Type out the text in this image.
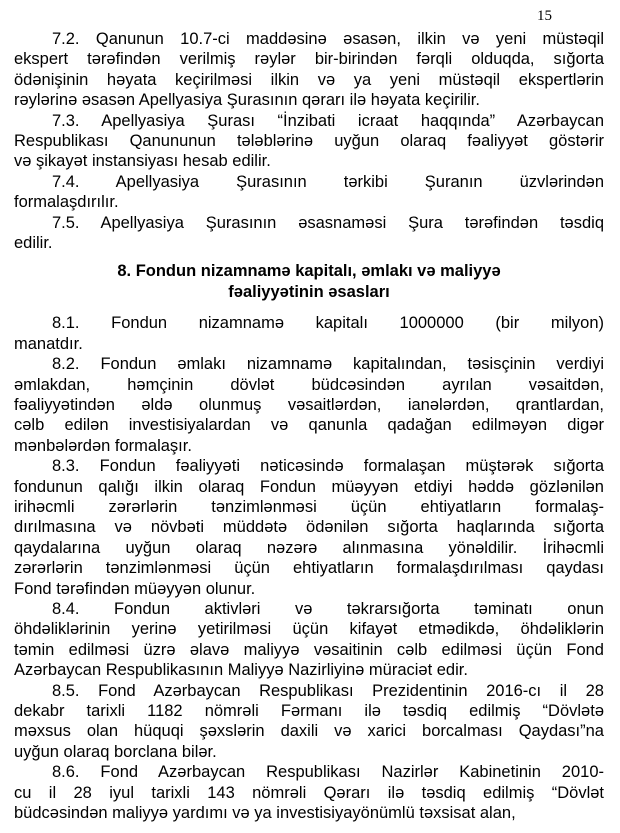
15
7.2. Qanunun 10.7-ci maddəsinə əsasən, ilkin və yeni müstəqil
ekspert tərəfindən verilmiş rəylər bir-birindən fərqli olduqda, sığorta
ödənişinin həyata keçirilməsi ilkin və ya yeni müstəqil ekspertlərin
rəylərinə əsasən Apellyasiya Şurasının qərarı ilə həyata keçirilir.
7.3. Apellyasiya Şurası “İnzibati icraat haqqında” Azərbaycan
Respublikası Qanununun tələblərinə uyğun olaraq fəaliyyət göstərir
və şikayət instansiyası hesab edilir.
7.4. Apellyasiya Şurasının tərkibi Şuranın üzvlərindən
formalaşdırılır.
7.5. Apellyasiya Şurasının əsasnaməsi Şura tərəfindən təsdiq
edilir.
8. Fondun nizamnamə kapitalı, əmlakı və maliyyə
fəaliyyətinin əsasları
8.1. Fondun nizamnamə kapitalı 1000000 (bir milyon)
manatdır.
8.2. Fondun əmlakı nizamnamə kapitalından, təsisçinin verdiyi
əmlakdan, həmçinin dövlət büdcəsindən ayrılan vəsaitdən,
fəaliyyətindən əldə olunmuş vəsaitlərdən, ianələrdən, qrantlardan,
cəlb edilən investisiyalardan və qanunla qadağan edilməyən digər
mənbələrdən formalaşır.
8.3. Fondun fəaliyyəti nəticəsində formalaşan müştərək sığorta
fondunun qalığı ilkin olaraq Fondun müəyyən etdiyi həddə gözlənilən
irihəcmli zərərlərin tənzimlənməsi üçün ehtiyatların formalaş-
dırılmasına və növbəti müddətə ödənilən sığorta haqlarında sığorta
qaydalarına uyğun olaraq nəzərə alınmasına yönəldilir. İrihəcmli
zərərlərin tənzimlənməsi üçün ehtiyatların formalaşdırılması qaydası
Fond tərəfindən müəyyən olunur.
8.4. Fondun aktivləri və təkrarsığorta təminatı onun
öhdəliklərinin yerinə yetirilməsi üçün kifayət etmədikdə, öhdəliklərin
təmin edilməsi üzrə əlavə maliyyə vəsaitinin cəlb edilməsi üçün Fond
Azərbaycan Respublikasının Maliyyə Nazirliyinə müraciət edir.
8.5. Fond Azərbaycan Respublikası Prezidentinin 2016-cı il 28
dekabr tarixli 1182 nömrəli Fərmanı ilə təsdiq edilmiş “Dövlətə
məxsus olan hüquqi şəxslərin daxili və xarici borcalması Qaydası”na
uyğun olaraq borclana bilər.
8.6. Fond Azərbaycan Respublikası Nazirlər Kabinetinin 2010-
cu il 28 iyul tarixli 143 nömrəli Qərarı ilə təsdiq edilmiş “Dövlət
büdcəsindən maliyyə yardımı və ya investisiyayönümlü təxsisat alan,
